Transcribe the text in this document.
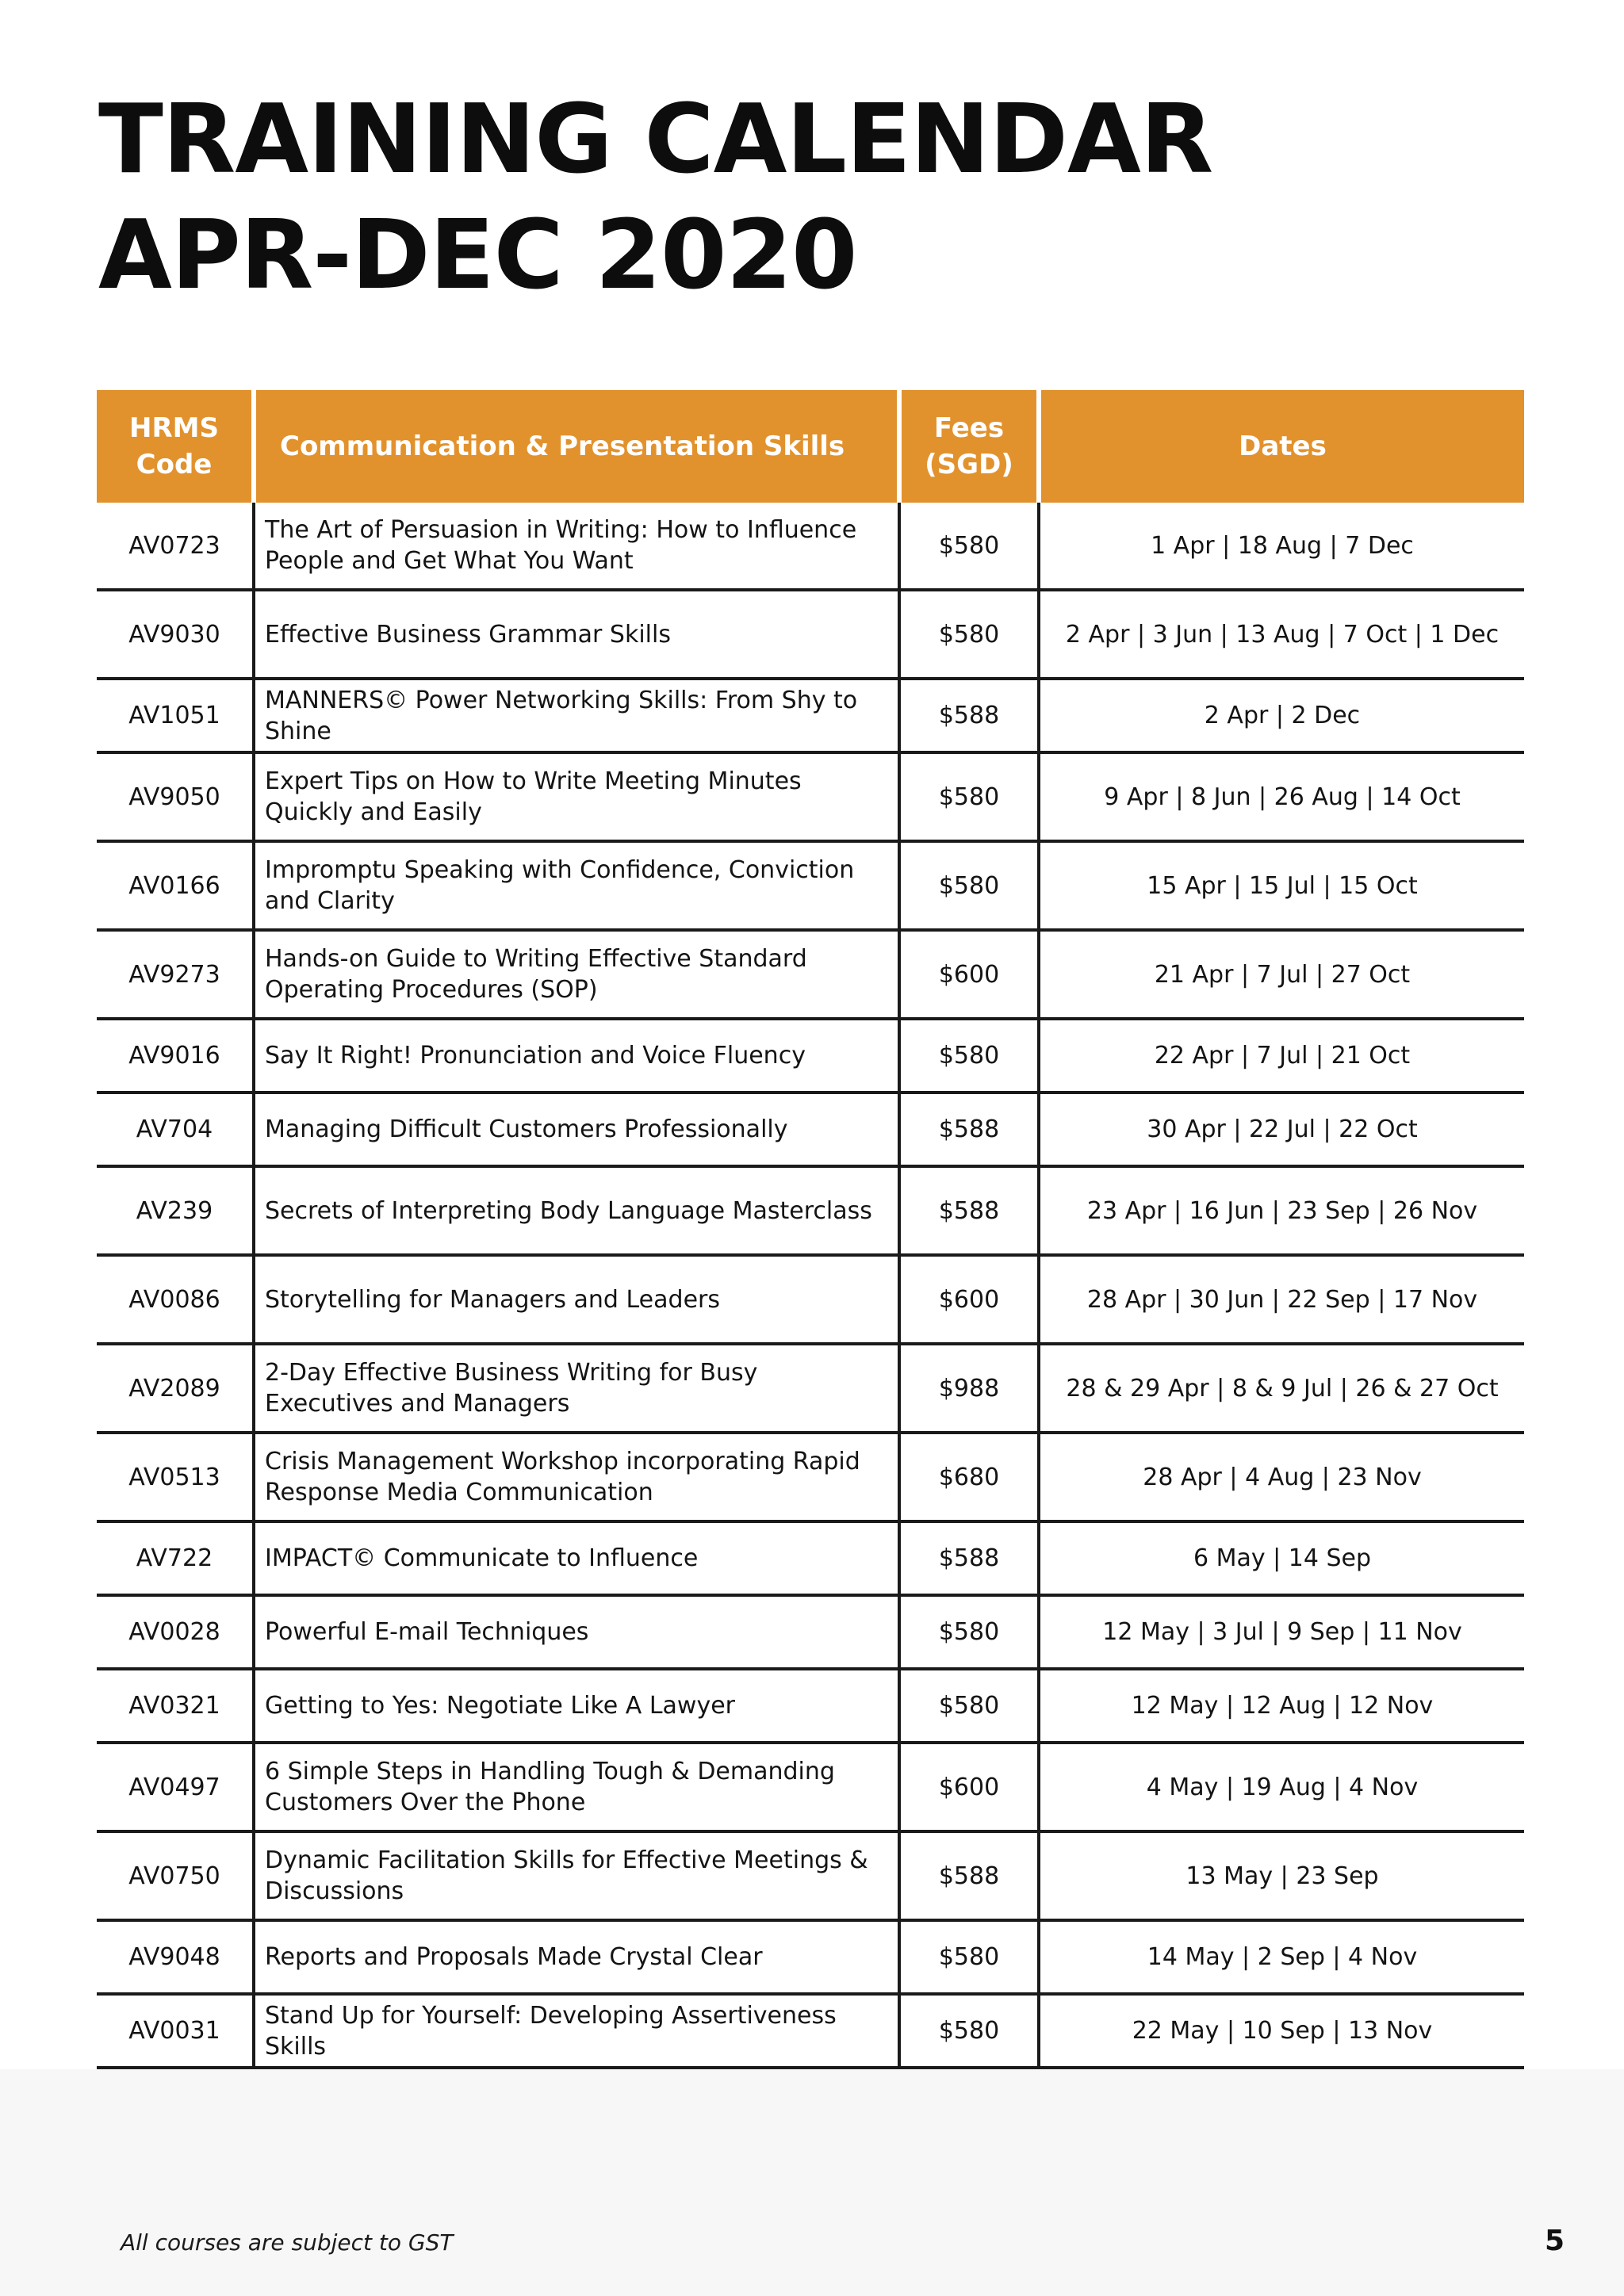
TRAINING CALENDAR
APR-DEC 2020
HRMS Code	Communication & Presentation Skills	Fees (SGD)	Dates
AV0723	The Art of Persuasion in Writing: How to Influence People and Get What You Want	$580	1 Apr | 18 Aug | 7 Dec
AV9030	Effective Business Grammar Skills	$580	2 Apr | 3 Jun | 13 Aug | 7 Oct | 1 Dec
AV1051	MANNERS© Power Networking Skills: From Shy to Shine	$588	2 Apr | 2 Dec
AV9050	Expert Tips on How to Write Meeting Minutes Quickly and Easily	$580	9 Apr | 8 Jun | 26 Aug | 14 Oct
AV0166	Impromptu Speaking with Confidence, Conviction and Clarity	$580	15 Apr | 15 Jul | 15 Oct
AV9273	Hands-on Guide to Writing Effective Standard Operating Procedures (SOP)	$600	21 Apr | 7 Jul | 27 Oct
AV9016	Say It Right! Pronunciation and Voice Fluency	$580	22 Apr | 7 Jul | 21 Oct
AV704	Managing Difficult Customers Professionally	$588	30 Apr | 22 Jul | 22 Oct
AV239	Secrets of Interpreting Body Language Masterclass	$588	23 Apr | 16 Jun | 23 Sep | 26 Nov
AV0086	Storytelling for Managers and Leaders	$600	28 Apr | 30 Jun | 22 Sep | 17 Nov
AV2089	2-Day Effective Business Writing for Busy Executives and Managers	$988	28 & 29 Apr | 8 & 9 Jul | 26 & 27 Oct
AV0513	Crisis Management Workshop incorporating Rapid Response Media Communication	$680	28 Apr | 4 Aug | 23 Nov
AV722	IMPACT© Communicate to Influence	$588	6 May | 14 Sep
AV0028	Powerful E-mail Techniques	$580	12 May | 3 Jul | 9 Sep | 11 Nov
AV0321	Getting to Yes: Negotiate Like A Lawyer	$580	12 May | 12 Aug | 12 Nov
AV0497	6 Simple Steps in Handling Tough & Demanding Customers Over the Phone	$600	4 May | 19 Aug | 4 Nov
AV0750	Dynamic Facilitation Skills for Effective Meetings & Discussions	$588	13 May | 23 Sep
AV9048	Reports and Proposals Made Crystal Clear	$580	14 May | 2 Sep | 4 Nov
AV0031	Stand Up for Yourself: Developing Assertiveness Skills	$580	22 May | 10 Sep | 13 Nov
All courses are subject to GST	5
